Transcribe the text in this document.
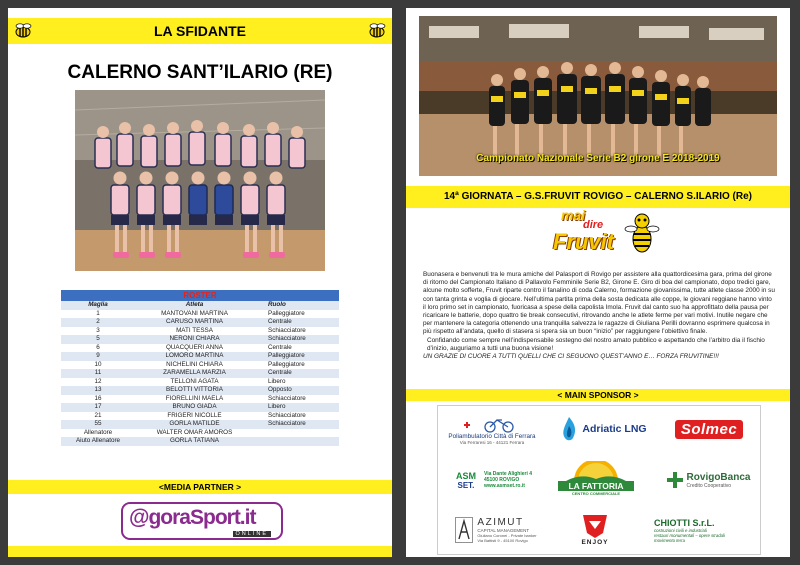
LA SFIDANTE
CALERNO SANT’ILARIO (RE)
ROSTER
Maglia	Atleta	Ruolo
1	MANTOVANI MARTINA	Palleggiatore
2	CARUSO MARTINA	Centrale
3	MATI TESSA	Schiacciatore
5	NERONI CHIARA	Schiacciatore
6	QUACQUERI ANNA	Centrale
9	LOMORO MARTINA	Palleggiatore
10	NICHELINI CHIARA	Palleggiatore
11	ZARAMELLA MARZIA	Centrale
12	TELLONI AGATA	Libero
13	BELOTTI VITTORIA	Opposto
16	FIORELLINI MAELA	Schiacciatore
17	BRUNO GIADA	Libero
21	FRIGERI NICOLLE	Schiacciatore
55	GORLA MATILDE	Schiacciatore
Allenatore	WALTER OMAR AMOROS	
Aiuto Allenatore	GORLA TATIANA	
<MEDIA PARTNER >
@goraSport.it
ONLINE
Campionato Nazionale Serie B2 girone E 2018-2019
14ª GIORNATA – G.S.FRUVIT ROVIGO – CALERNO S.ILARIO (Re)
mai
dire
Fruvit
Buonasera e benvenuti tra le mura amiche del Palasport di Rovigo per assistere alla quattordicesima gara, prima del girone di ritorno del Campionato Italiano di Pallavolo Femminile Serie B2, Girone E. Giro di boa del campionato, dopo tredici gare, alcune molto sofferte, Fruvit riparte contro il fanalino di coda Calerno, formazione giovanissima, tutte atlete classe 2000 in su con tanta grinta e voglia di giocare. Nell’ultima partita prima della sosta dedicata alle coppe, le giovani reggiane hanno vinto il loro primo set in campionato, fuoricasa a spese della capolista Imola. Fruvit dal canto suo ha approfittato della pausa per ricaricare le batterie, dopo quattro tie break consecutivi, ritrovando anche le atlete ferme per vari motivi. Inutile negare che per mantenere la categoria ottenendo una tranquilla salvezza le ragazze di Giuliana Perilli dovranno esprimere qualcosa in più rispetto all’andata, quello di stasera si spera sia un buon “inizio” per raggiungere l’obiettivo finale.
Confidando come sempre nell’indispensabile sostegno del nostro amato pubblico e aspettando che l’arbitro dia il fischio d’inizio, auguriamo a tutti una buona visione!
UN GRAZIE DI CUORE A TUTTI QUELLI CHE CI SEGUONO QUEST’ANNO E… FORZA FRUVITINE!!!
< MAIN SPONSOR >
Poliambulatorio Città di Ferrara
Via Ferraresi 16 - 44121 Ferrara
Adriatic LNG	Solmec
ASM
SET.
Via Dante Alighieri 4
45100 ROVIGO
www.asmset.ro.it	LA FATTORIA
CENTRO COMMERCIALE
RovigoBanca
Credito Cooperativo
AZIMUT
CAPITAL MANAGEMENT
Giuliano Coronei - Private banker
Via Battisti 9 - 45100 Rovigo	ENJOY
CHIOTTI S.r.L.
costruzioni civili e industriali
restauri monumentali – opere stradali
movimento terra
